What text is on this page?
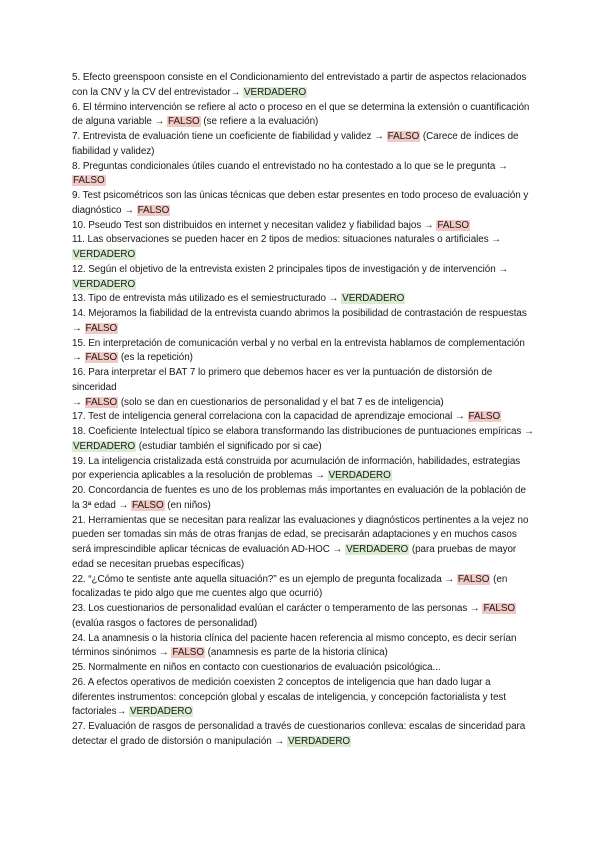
5. Efecto greenspoon consiste en el Condicionamiento del entrevistado a partir de aspectos relacionados con la CNV y la CV del entrevistador→ VERDADERO

6. El término intervención se refiere al acto o proceso en el que se determina la extensión o cuantificación de alguna variable → FALSO (se refiere a la evaluación)

7. Entrevista de evaluación tiene un coeficiente de fiabilidad y validez → FALSO (Carece de índices de fiabilidad y validez)

8. Preguntas condicionales útiles cuando el entrevistado no ha contestado a lo que se le pregunta → FALSO

9. Test psicométricos son las únicas técnicas que deben estar presentes en todo proceso de evaluación y diagnóstico → FALSO

10. Pseudo Test son distribuidos en internet y necesitan validez y fiabilidad bajos → FALSO

11. Las observaciones se pueden hacer en 2 tipos de medios: situaciones naturales o artificiales → VERDADERO

12. Según el objetivo de la entrevista existen 2 principales tipos de investigación y de intervención → VERDADERO

13. Tipo de entrevista más utilizado es el semiestructurado → VERDADERO

14. Mejoramos la fiabilidad de la entrevista cuando abrimos la posibilidad de contrastación de respuestas → FALSO

15. En interpretación de comunicación verbal y no verbal en la entrevista hablamos de complementación → FALSO (es la repetición)

16. Para interpretar el BAT 7 lo primero que debemos hacer es ver la puntuación de distorsión de sinceridad
→ FALSO (solo se dan en cuestionarios de personalidad y el bat 7 es de inteligencia)

17. Test de inteligencia general correlaciona con la capacidad de aprendizaje emocional → FALSO

18. Coeficiente Intelectual típico se elabora transformando las distribuciones de puntuaciones empíricas → VERDADERO (estudiar también el significado por si cae)

19. La inteligencia cristalizada está construida por acumulación de información, habilidades, estrategias por experiencia aplicables a la resolución de problemas → VERDADERO

20. Concordancia de fuentes es uno de los problemas más importantes en evaluación de la población de la 3ª edad → FALSO (en niños)

21. Herramientas que se necesitan para realizar las evaluaciones y diagnósticos pertinentes a la vejez no pueden ser tomadas sin más de otras franjas de edad, se precisarán adaptaciones y en muchos casos será imprescindible aplicar técnicas de evaluación AD-HOC → VERDADERO (para pruebas de mayor edad se necesitan pruebas específicas)

22. “¿Cómo te sentiste ante aquella situación?” es un ejemplo de pregunta focalizada → FALSO (en focalizadas te pido algo que me cuentes algo que ocurrió)

23. Los cuestionarios de personalidad evalúan el carácter o temperamento de las personas → FALSO (evalúa rasgos o factores de personalidad)

24. La anamnesis o la historia clínica del paciente hacen referencia al mismo concepto, es decir serían términos sinónimos → FALSO (anamnesis es parte de la historia clínica)

25. Normalmente en niños en contacto con cuestionarios de evaluación psicológica...

26. A efectos operativos de medición coexisten 2 conceptos de inteligencia que han dado lugar a diferentes instrumentos: concepción global y escalas de inteligencia, y concepción factorialista y test factoriales→ VERDADERO

27. Evaluación de rasgos de personalidad a través de cuestionarios conlleva: escalas de sinceridad para detectar el grado de distorsión o manipulación → VERDADERO
